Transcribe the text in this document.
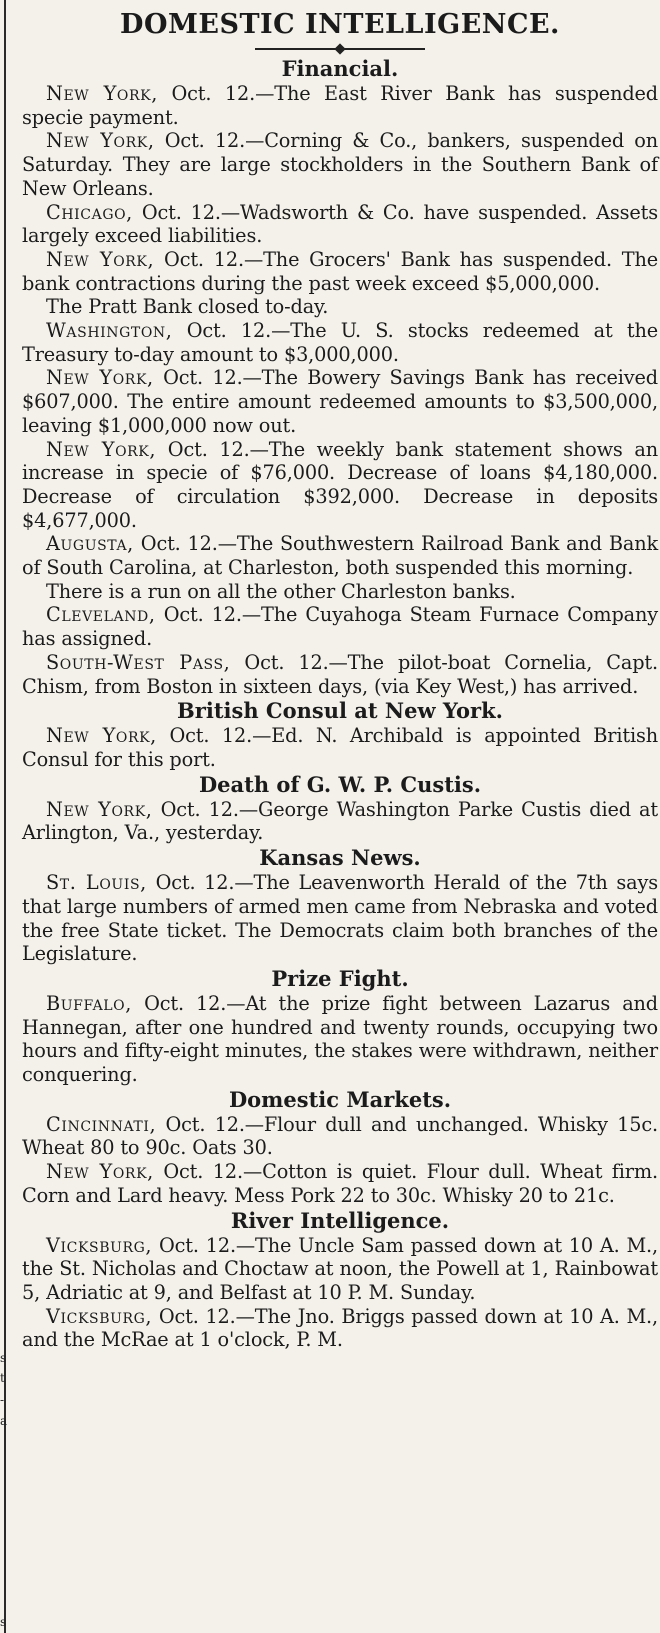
s
t
-
a
s
DOMESTIC INTELLIGENCE.
Financial.

New York, Oct. 12.—The East River Bank has suspended specie payment.

New York, Oct. 12.—Corning & Co., bankers, suspended on Saturday. They are large stockholders in the Southern Bank of New Orleans.

Chicago, Oct. 12.—Wadsworth & Co. have suspended. Assets largely exceed liabilities.

New York, Oct. 12.—The Grocers' Bank has suspended. The bank contractions during the past week exceed $5,000,000.

The Pratt Bank closed to-day.

Washington, Oct. 12.—The U. S. stocks redeemed at the Treasury to-day amount to $3,000,000.

New York, Oct. 12.—The Bowery Savings Bank has received $607,000. The entire amount redeemed amounts to $3,500,000, leaving $1,000,000 now out.

New York, Oct. 12.—The weekly bank statement shows an increase in specie of $76,000. Decrease of loans $4,180,000. Decrease of circulation $392,000. Decrease in deposits $4,677,000.

Augusta, Oct. 12.—The Southwestern Railroad Bank and Bank of South Carolina, at Charleston, both suspended this morning.

There is a run on all the other Charleston banks.

Cleveland, Oct. 12.—The Cuyahoga Steam Furnace Company has assigned.

South-West Pass, Oct. 12.—The pilot-boat Cornelia, Capt. Chism, from Boston in sixteen days, (via Key West,) has arrived.

British Consul at New York.

New York, Oct. 12.—Ed. N. Archibald is appointed British Consul for this port.

Death of G. W. P. Custis.

New York, Oct. 12.—George Washington Parke Custis died at Arlington, Va., yesterday.

Kansas News.

St. Louis, Oct. 12.—The Leavenworth Herald of the 7th says that large numbers of armed men came from Nebraska and voted the free State ticket. The Democrats claim both branches of the Legislature.

Prize Fight.

Buffalo, Oct. 12.—At the prize fight between Lazarus and Hannegan, after one hundred and twenty rounds, occupying two hours and fifty-eight minutes, the stakes were withdrawn, neither conquering.

Domestic Markets.

Cincinnati, Oct. 12.—Flour dull and unchanged. Whisky 15c. Wheat 80 to 90c. Oats 30.

New York, Oct. 12.—Cotton is quiet. Flour dull. Wheat firm. Corn and Lard heavy. Mess Pork 22 to 30c. Whisky 20 to 21c.

River Intelligence.

Vicksburg, Oct. 12.—The Uncle Sam passed down at 10 A. M., the St. Nicholas and Choctaw at noon, the Powell at 1, Rainbowat 5, Adriatic at 9, and Belfast at 10 P. M. Sunday.

Vicksburg, Oct. 12.—The Jno. Briggs passed down at 10 A. M., and the McRae at 1 o'clock, P. M.
